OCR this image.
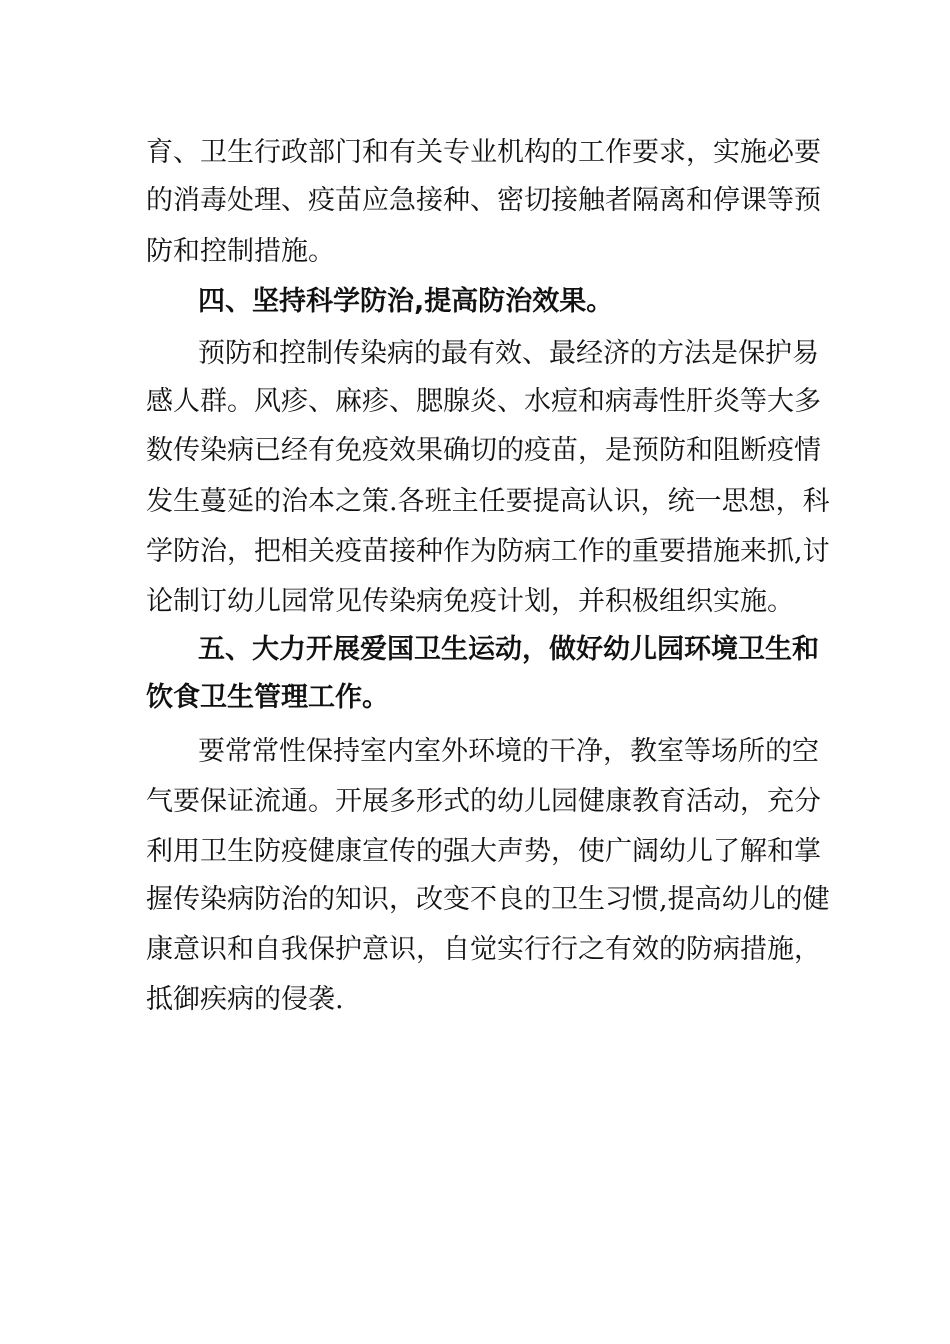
育、卫生行政部门和有关专业机构的工作要求，实施必要
的消毒处理、疫苗应急接种、密切接触者隔离和停课等预
防和控制措施。
四、坚持科学防治,提高防治效果。
预防和控制传染病的最有效、最经济的方法是保护易
感人群。风疹、麻疹、腮腺炎、水痘和病毒性肝炎等大多
数传染病已经有免疫效果确切的疫苗，是预防和阻断疫情
发生蔓延的治本之策.各班主任要提高认识，统一思想，科
学防治，把相关疫苗接种作为防病工作的重要措施来抓,讨
论制订幼儿园常见传染病免疫计划，并积极组织实施。
五、大力开展爱国卫生运动，做好幼儿园环境卫生和
饮食卫生管理工作。
要常常性保持室内室外环境的干净，教室等场所的空
气要保证流通。开展多形式的幼儿园健康教育活动，充分
利用卫生防疫健康宣传的强大声势，使广阔幼儿了解和掌
握传染病防治的知识，改变不良的卫生习惯,提高幼儿的健
康意识和自我保护意识，自觉实行行之有效的防病措施，
抵御疾病的侵袭.
